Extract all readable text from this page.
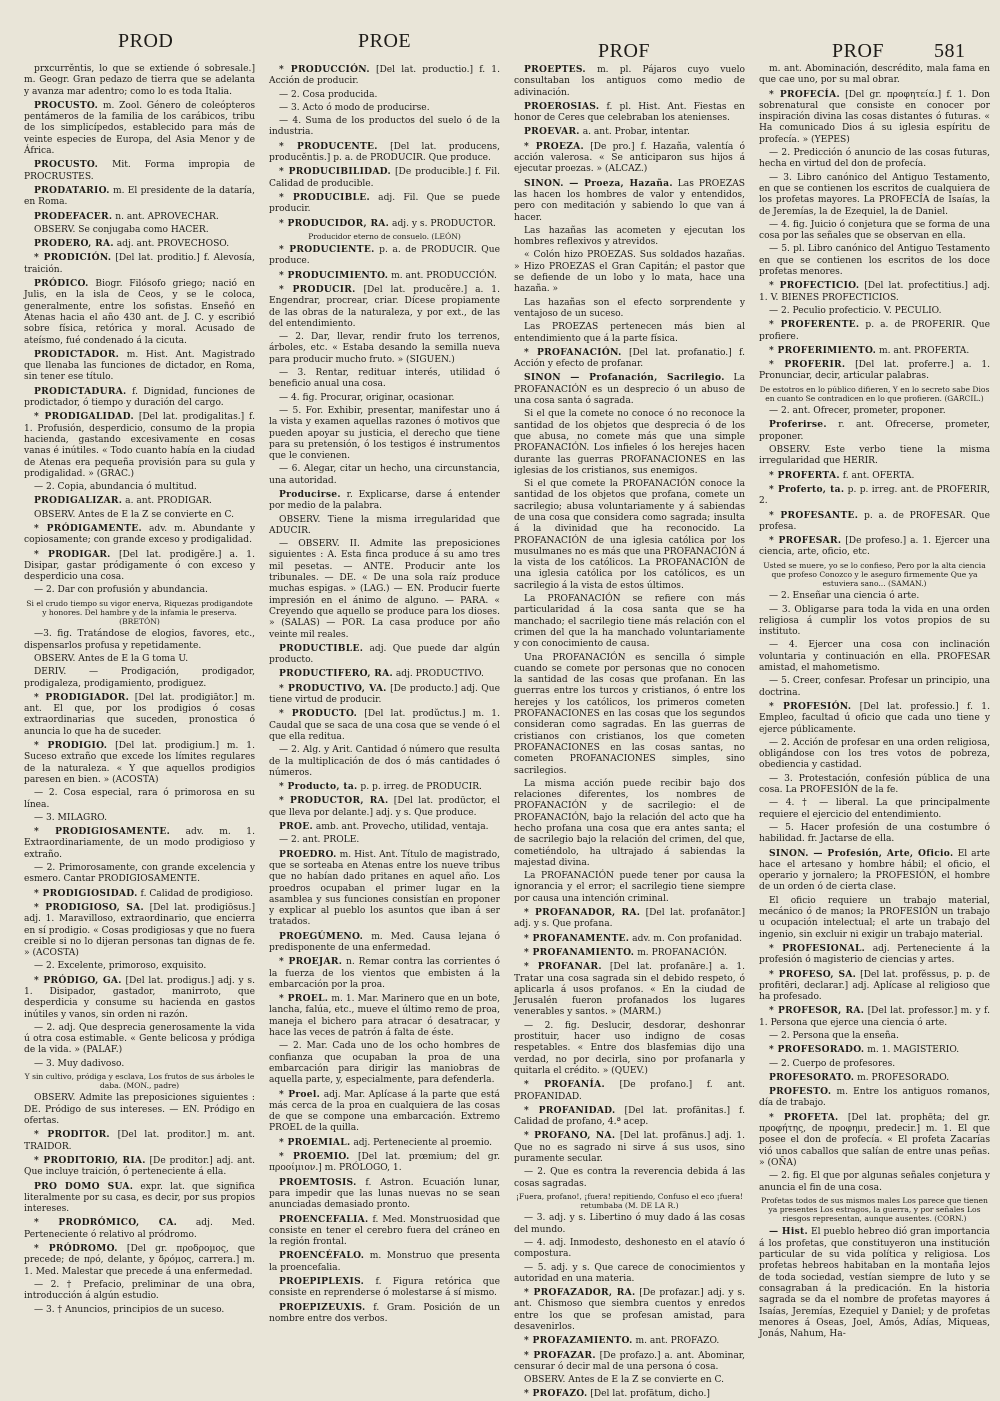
PROD	PROE	PROF	PROF 581

prxcurrĕntis, lo que se extiende ó sobresale.] m. Geogr. Gran pedazo de tierra que se adelanta y avanza mar adentro; como lo es toda Italia.

PROCUSTO. m. Zool. Género de coleópteros pentámeros de la familia de los carábicos, tribu de los simplicípedos, establecido para más de veinte especies de Europa, del Asia Menor y de África.

PROCUSTO. Mit. Forma impropia de PROCRUSTES.

PRODATARIO. m. El presidente de la dataría, en Roma.

PRODEFACER. n. ant. APROVECHAR.

OBSERV. Se conjugaba como HACER.

PRODERO, RA. adj. ant. PROVECHOSO.

* PRODICIÓN. [Del lat. proditio.] f. Alevosía, traición.

PRÓDICO. Biogr. Filósofo griego; nació en Julis, en la isla de Ceos, y se le coloca, generalmente, entre los sofistas. Enseñó en Atenas hacia el año 430 ant. de J. C. y escribió sobre física, retórica y moral. Acusado de ateísmo, fué condenado á la cicuta.

PRODICTADOR. m. Hist. Ant. Magistrado que llenaba las funciones de dictador, en Roma, sin tener ese título.

PRODICTADURA. f. Dignidad, funciones de prodictador, ó tiempo y duración del cargo.

* PRODIGALIDAD. [Del lat. prodigalitas.] f. 1. Profusión, desperdicio, consumo de la propia hacienda, gastando excesivamente en cosas vanas é inútiles. « Todo cuanto había en la ciudad de Atenas era pequeña provisión para su gula y prodigalidad. » (GRAC.)

— 2. Copia, abundancia ó multitud.

PRODIGALIZAR. a. ant. PRODIGAR.

OBSERV. Antes de E la Z se convierte en C.

* PRÓDIGAMENTE. adv. m. Abundante y copiosamente; con grande exceso y prodigalidad.

* PRODIGAR. [Del lat. prodigĕre.] a. 1. Disipar, gastar pródigamente ó con exceso y desperdicio una cosa.

— 2. Dar con profusión y abundancia.

Si el crudo tiempo su vigor enerva, Riquezas prodigandote y honores. Del hambre y de la infamia le preserva. (BRETÓN)

—3. fig. Tratándose de elogios, favores, etc., dispensarlos profusa y repetidamente.

OBSERV. Antes de E la G toma U.

DERIV. — Prodigación, prodigador, prodigaleza, prodigamiento, prodiguez.

* PRODIGIADOR. [Del lat. prodigiātor.] m. ant. El que, por los prodigios ó cosas extraordinarias que suceden, pronostica ó anuncia lo que ha de suceder.

* PRODIGIO. [Del lat. prodigium.] m. 1. Suceso extraño que excede los límites regulares de la naturaleza. « Y que aquellos prodigios paresen en bien. » (ACOSTA)

— 2. Cosa especial, rara ó primorosa en su línea.

— 3. MILAGRO.

* PRODIGIOSAMENTE. adv. m. 1. Extraordinariamente, de un modo prodigioso y extraño.

— 2. Primorosamente, con grande excelencia y esmero. Cantar PRODIGIOSAMENTE.

* PRODIGIOSIDAD. f. Calidad de prodigioso.

* PRODIGIOSO, SA. [Del lat. prodigiōsus.] adj. 1. Maravilloso, extraordinario, que encierra en sí prodigio. « Cosas prodigiosas y que no fuera creible si no lo dijeran personas tan dignas de fe. » (ACOSTA)

— 2. Excelente, primoroso, exquisito.

* PRÓDIGO, GA. [Del lat. prodigus.] adj. y s. 1. Disipador, gastador, manirroto, que desperdicia y consume su hacienda en gastos inútiles y vanos, sin orden ni razón.

— 2. adj. Que desprecia generosamente la vida ú otra cosa estimable. « Gente belicosa y pródiga de la vida. » (PALAF.)

— 3. Muy dadivoso.

Y sin cultivo, pródiga y esclava, Los frutos de sus árboles le daba. (MON., padre)

OBSERV. Admite las preposiciones siguientes : DE. Pródigo de sus intereses. — EN. Pródigo en ofertas.

* PRODITOR. [Del lat. proditor.] m. ant. TRAIDOR.

* PRODITORIO, RIA. [De proditor.] adj. ant. Que incluye traición, ó perteneciente á ella.

PRO DOMO SUA. expr. lat. que significa literalmente por su casa, es decir, por sus propios intereses.

* PRODRÓMICO, CA. adj. Med. Perteneciente ó relativo al pródromo.

* PRÓDROMO. [Del gr. προδρομος, que precede; de πρό, delante, y δρόμος, carrera.] m. 1. Med. Malestar que precede á una enfermedad.

— 2. † Prefacio, preliminar de una obra, introducción á algún estudio.

— 3. † Anuncios, principios de un suceso.

* PRODUCCIÓN. [Del lat. productio.] f. 1. Acción de producir.

— 2. Cosa producida.

— 3. Acto ó modo de producirse.

— 4. Suma de los productos del suelo ó de la industria.

* PRODUCENTE. [Del lat. producens, producĕntis.] p. a. de PRODUCIR. Que produce.

* PRODUCIBILIDAD. [De producible.] f. Fil. Calidad de producible.

* PRODUCIBLE. adj. Fil. Que se puede producir.

* PRODUCIDOR, RA. adj. y s. PRODUCTOR.

Producidor eterno de consuelo. (LEÓN)

* PRODUCIENTE. p. a. de PRODUCIR. Que produce.

* PRODUCIMIENTO. m. ant. PRODUCCIÓN.

* PRODUCIR. [Del lat. producĕre.] a. 1. Engendrar, procrear, criar. Dícese propiamente de las obras de la naturaleza, y por ext., de las del entendimiento.

— 2. Dar, llevar, rendir fruto los terrenos, árboles, etc. « Estaba desando la semilla nueva para producir mucho fruto. » (SIGUEN.)

— 3. Rentar, redituar interés, utilidad ó beneficio anual una cosa.

— 4. fig. Procurar, originar, ocasionar.

— 5. For. Exhibir, presentar, manifestar uno á la vista y examen aquellas razones ó motivos que pueden apoyar su justicia, el derecho que tiene para su pretensión, ó los testigos é instrumentos que le convienen.

— 6. Alegar, citar un hecho, una circunstancia, una autoridad.

Producirse. r. Explicarse, darse á entender por medio de la palabra.

OBSERV. Tiene la misma irregularidad que ADUCIR.

— OBSERV. II. Admite las preposiciones siguientes : A. Esta finca produce á su amo tres mil pesetas. — ANTE. Producir ante los tribunales. — DE. « De una sola raíz produce muchas espigas. » (LAG.) — EN. Producir fuerte impresión en el ánimo de alguno. — PARA. « Creyendo que aquello se produce para los dioses. » (SALAS) — POR. La casa produce por año veinte mil reales.

PRODUCTIBLE. adj. Que puede dar algún producto.

PRODUCTIFERO, RA. adj. PRODUCTIVO.

* PRODUCTIVO, VA. [De producto.] adj. Que tiene virtud de producir.

* PRODUCTO. [Del lat. prodŭctus.] m. 1. Caudal que se saca de una cosa que se vende ó el que ella redituа.

— 2. Alg. y Arit. Cantidad ó número que resulta de la multiplicación de dos ó más cantidades ó números.

* Producto, ta. p. p. irreg. de PRODUCIR.

* PRODUCTOR, RA. [Del lat. prodūctor, el que lleva por delante.] adj. y s. Que produce.

PROE. amb. ant. Provecho, utilidad, ventaja.

— 2. ant. PROLE.

PROEDRO. m. Hist. Ant. Título de magistrado, que se sorteaba en Atenas entre los nueve tribus que no habían dado pritanes en aquel año. Los proedros ocupaban el primer lugar en la asamblea y sus funciones consistían en proponer y explicar al pueblo los asuntos que iban á ser tratados.

PROEGÚMENO. m. Med. Causa lejana ó predisponente de una enfermedad.

* PROEJAR. n. Remar contra las corrientes ó la fuerza de los vientos que embisten á la embarcación por la proa.

* PROEL. m. 1. Mar. Marinero que en un bote, lancha, falúa, etc., mueve el último remo de proa, maneja el bichero para atracar ó desatracar, y hace las veces de patrón á falta de éste.

— 2. Mar. Cada uno de los ocho hombres de confianza que ocupaban la proa de una embarcación para dirigir las maniobras de aquella parte, y, especialmente, para defenderla.

* Proel. adj. Mar. Aplícase á la parte que está más cerca de la proa en cualquiera de las cosas de que se compone una embarcación. Extremo PROEL de la quilla.

* PROEMIAL. adj. Perteneciente al proemio.

* PROEMIO. [Del lat. prœmium; del gr. προοίμιον.] m. PRÓLOGO, 1.

PROEMTOSIS. f. Astron. Ecuación lunar, para impedir que las lunas nuevas no se sean anunciadas demasiado pronto.

PROENCEFALIA. f. Med. Monstruosidad que consiste en tener el cerebro fuera del cráneo en la región frontal.

PROENCÉFALO. m. Monstruo que presenta la proencefalia.

PROEPIPLEXIS. f. Figura retórica que consiste en reprenderse ó molestarse á sí mismo.

PROEPIZEUXIS. f. Gram. Posición de un nombre entre dos verbos.

PROEPTES. m. pl. Pájaros cuyo vuelo consultaban los antiguos como medio de adivinación.

PROEROSIAS. f. pl. Hist. Ant. Fiestas en honor de Ceres que celebraban los atenienses.

PROEVAR. a. ant. Probar, intentar.

* PROEZA. [De pro.] f. Hazaña, valentía ó acción valerosa. « Se anticiparon sus hijos á ejecutar proezas. » (ALCAZ.)

SINON. — Proeza, Hazaña. Las PROEZAS las hacen los hombres de valor y entendidos, pero con meditación y sabiendo lo que van á hacer.

Las hazañas las acometen y ejecutan los hombres reflexivos y atrevidos.

« Colón hizo PROEZAS. Sus soldados hazañas. » Hizo PROEZAS el Gran Capitán; el pastor que se defiende de un lobo y lo mata, hace una hazaña. »

Las hazañas son el efecto sorprendente y ventajoso de un suceso.

Las PROEZAS pertenecen más bien al entendimiento que á la parte física.

* PROFANACIÓN. [Del lat. profanatio.] f. Acción y efecto de profanar.

SINON — Profanación, Sacrilegio. La PROFANACIÓN es un desprecio ó un abuso de una cosa santa ó sagrada.

Si el que la comete no conoce ó no reconoce la santidad de los objetos que desprecia ó de los que abusa, no comete más que una simple PROFANACIÓN. Los infieles ó los herejes hacen durante las guerras PROFANACIONES en las iglesias de los cristianos, sus enemigos.

Si el que comete la PROFANACIÓN conoce la santidad de los objetos que profana, comete un sacrilegio; abusa voluntariamente y á sabiendas de una cosa que considera como sagrada; insulta á la divinidad que ha reconocido. La PROFANACIÓN de una iglesia católica por los musulmanes no es más que una PROFANACIÓN á la vista de los católicos. La PROFANACIÓN de una iglesia católica por los católicos, es un sacrilegio á la vista de estos últimos.

La PROFANACIÓN se refiere con más particularidad á la cosa santa que se ha manchado; el sacrilegio tiene más relación con el crimen del que la ha manchado voluntariamente y con conocimiento de causa.

Una PROFANACIÓN es sencilla ó simple cuando se comete por personas que no conocen la santidad de las cosas que profanan. En las guerras entre los turcos y cristianos, ó entre los herejes y los católicos, los primeros cometen PROFANACIONES en las cosas que los segundos consideran como sagradas. En las guerras de cristianos con cristianos, los que cometen PROFANACIONES en las cosas santas, no cometen PROFANACIONES simples, sino sacrilegios.

La misma acción puede recibir bajo dos relaciones diferentes, los nombres de PROFANACIÓN y de sacrilegio: el de PROFANACIÓN, bajo la relación del acto que ha hecho profana una cosa que era antes santa; el de sacrilegio bajo la relación del crimen, del que, cometiéndolo, ha ultrajado á sabiendas la majestad divina.

La PROFANACIÓN puede tener por causa la ignorancia y el error; el sacrilegio tiene siempre por causa una intención criminal.

* PROFANADOR, RA. [Del lat. profanātor.] adj. y s. Que profana.

* PROFANAMENTE. adv. m. Con profanidad.

* PROFANAMIENTO. m. PROFANACIÓN.

* PROFANAR. [Del lat. profanāre.] a. 1. Tratar una cosa sagrada sin el debido respeto, ó aplicarla á usos profanos. « En la ciudad de Jerusalén fueron profanados los lugares venerables y santos. » (MARM.)

— 2. fig. Deslucir, desdorar, deshonrar prostituir, hacer uso indigno de cosas respetables. « Entre dos blasfemias dijo una verdad, no por decirla, sino por profanarla y quitarla el crédito. » (QUEV.)

* PROFANÍA. [De profano.] f. ant. PROFANIDAD.

* PROFANIDAD. [Del lat. profānitas.] f. Calidad de profano, 4.ª acep.

* PROFANO, NA. [Del lat. profānus.] adj. 1. Que no es sagrado ni sirve á sus usos, sino puramente secular.

— 2. Que es contra la reverencia debida á las cosas sagradas.

¡Fuera, profano!, ¡fuera! repitiendo, Confuso el eco ¡fuera! retumbaba (M. DE LA R.)

— 3. adj. y s. Libertino ó muy dado á las cosas del mundo.

— 4. adj. Inmodesto, deshonesto en el atavío ó compostura.

— 5. adj. y s. Que carece de conocimientos y autoridad en una materia.

* PROFAZADOR, RA. [De profazar.] adj. y s. ant. Chismoso que siembra cuentos y enredos entre los que se profesan amistad, para desavenirlos.

* PROFAZAMIENTO. m. ant. PROFAZO.

* PROFAZAR. [De profazo.] a. ant. Abominar, censurar ó decir mal de una persona ó cosa.

OBSERV. Antes de E la Z se convierte en C.

* PROFAZO. [Del lat. profātum, dicho.]

m. ant. Abominación, descrédito, mala fama en que cae uno, por su mal obrar.

* PROFECÍA. [Del gr. προφητεία.] f. 1. Don sobrenatural que consiste en conocer por inspiración divina las cosas distantes ó futuras. « Ha comunicado Dios á su iglesia espíritu de profecía. » (YEPES)

— 2. Predicción ó anuncio de las cosas futuras, hecha en virtud del don de profecía.

— 3. Libro canónico del Antiguo Testamento, en que se contienen los escritos de cualquiera de los profetas mayores. La PROFECÍA de Isaías, la de Jeremías, la de Ezequiel, la de Daniel.

— 4. fig. Juicio ó conjetura que se forma de una cosa por las señales que se observan en ella.

— 5. pl. Libro canónico del Antiguo Testamento en que se contienen los escritos de los doce profetas menores.

* PROFECTICIO. [Del lat. profectitius.] adj. 1. V. BIENES PROFECTICIOS.

— 2. Peculio profecticio. V. PECULIO.

* PROFERENTE. p. a. de PROFERIR. Que profiere.

* PROFERIMIENTO. m. ant. PROFERTA.

* PROFERIR. [Del lat. proferre.] a. 1. Pronunciar, decir, articular palabras.

De estotros en lo público difieren, Y en lo secreto sabe Dios en cuanto Se contradicen en lo que profieren. (GARCIL.)

— 2. ant. Ofrecer, prometer, proponer.

Proferirse. r. ant. Ofrecerse, prometer, proponer.

OBSERV. Este verbo tiene la misma irregularidad que HERIR.

* PROFERTA. f. ant. OFERTA.

* Proferto, ta. p. p. irreg. ant. de PROFERIR, 2.

* PROFESANTE. p. a. de PROFESAR. Que profesa.

* PROFESAR. [De profeso.] a. 1. Ejercer una ciencia, arte, oficio, etc.

Usted se muere, yo se lo confieso, Pero por la alta ciencia que profeso Conozco y le aseguro firmemente Que ya estuviera sano... (SAMAN.)

— 2. Enseñar una ciencia ó arte.

— 3. Obligarse para toda la vida en una orden religiosa á cumplir los votos propios de su instituto.

— 4. Ejercer una cosa con inclinación voluntaria y continuación en ella. PROFESAR amistad, el mahometismo.

— 5. Creer, confesar. Profesar un principio, una doctrina.

* PROFESIÓN. [Del lat. professio.] f. 1. Empleo, facultad ú oficio que cada uno tiene y ejerce públicamente.

— 2. Acción de profesar en una orden religiosa, obligándose con los tres votos de pobreza, obediencia y castidad.

— 3. Protestación, confesión pública de una cosa. La PROFESIÓN de la fe.

— 4. † — liberal. La que principalmente requiere el ejercicio del entendimiento.

— 5. Hacer profesión de una costumbre ó habilidad. fr. Jactarse de ella.

SINON. — Profesión, Arte, Oficio. El arte hace el artesano y hombre hábil; el oficio, el operario y jornalero; la PROFESIÓN, el hombre de un orden ó de cierta clase.

El oficio requiere un trabajo material, mecánico ó de manos; la PROFESIÓN un trabajo u ocupación intelectual; el arte un trabajo del ingenio, sin excluir ni exigir un trabajo material.

* PROFESIONAL. adj. Perteneciente á la profesión ó magisterio de ciencias y artes.

* PROFESO, SA. [Del lat. profĕssus, p. p. de profitēri, declarar.] adj. Aplícase al religioso que ha profesado.

* PROFESOR, RA. [Del lat. professor.] m. y f. 1. Persona que ejerce una ciencia ó arte.

— 2. Persona que la enseña.

* PROFESORADO. m. 1. MAGISTERIO.

— 2. Cuerpo de profesores.

PROFESORATO. m. PROFESORADO.

PROFESTO. m. Entre los antiguos romanos, día de trabajo.

* PROFETA. [Del lat. prophēta; del gr. προφήτης, de προφημι, predecir.] m. 1. El que posee el don de profecía. « El profeta Zacarías vió unos caballos que salían de entre unas peñas. » (OÑA)

— 2. fig. El que por algunas señales conjetura y anuncia el fin de una cosa.

Profetas todos de sus mismos males Los parece que tienen ya presentes Los estragos, la guerra, y por señales Los riesgos representan, aunque ausentes. (CORN.)

— Hist. El pueblo hebreo dió gran importancia á los profetas, que constituyeron una institución particular de su vida política y religiosa. Los profetas hebreos habitaban en la montaña lejos de toda sociedad, vestían siempre de luto y se consagraban á la predicación. En la historia sagrada se da el nombre de profetas mayores á Isaías, Jeremías, Ezequiel y Daniel; y de profetas menores á Oseas, Joel, Amós, Adías, Miqueas, Jonás, Nahum, Ha-
